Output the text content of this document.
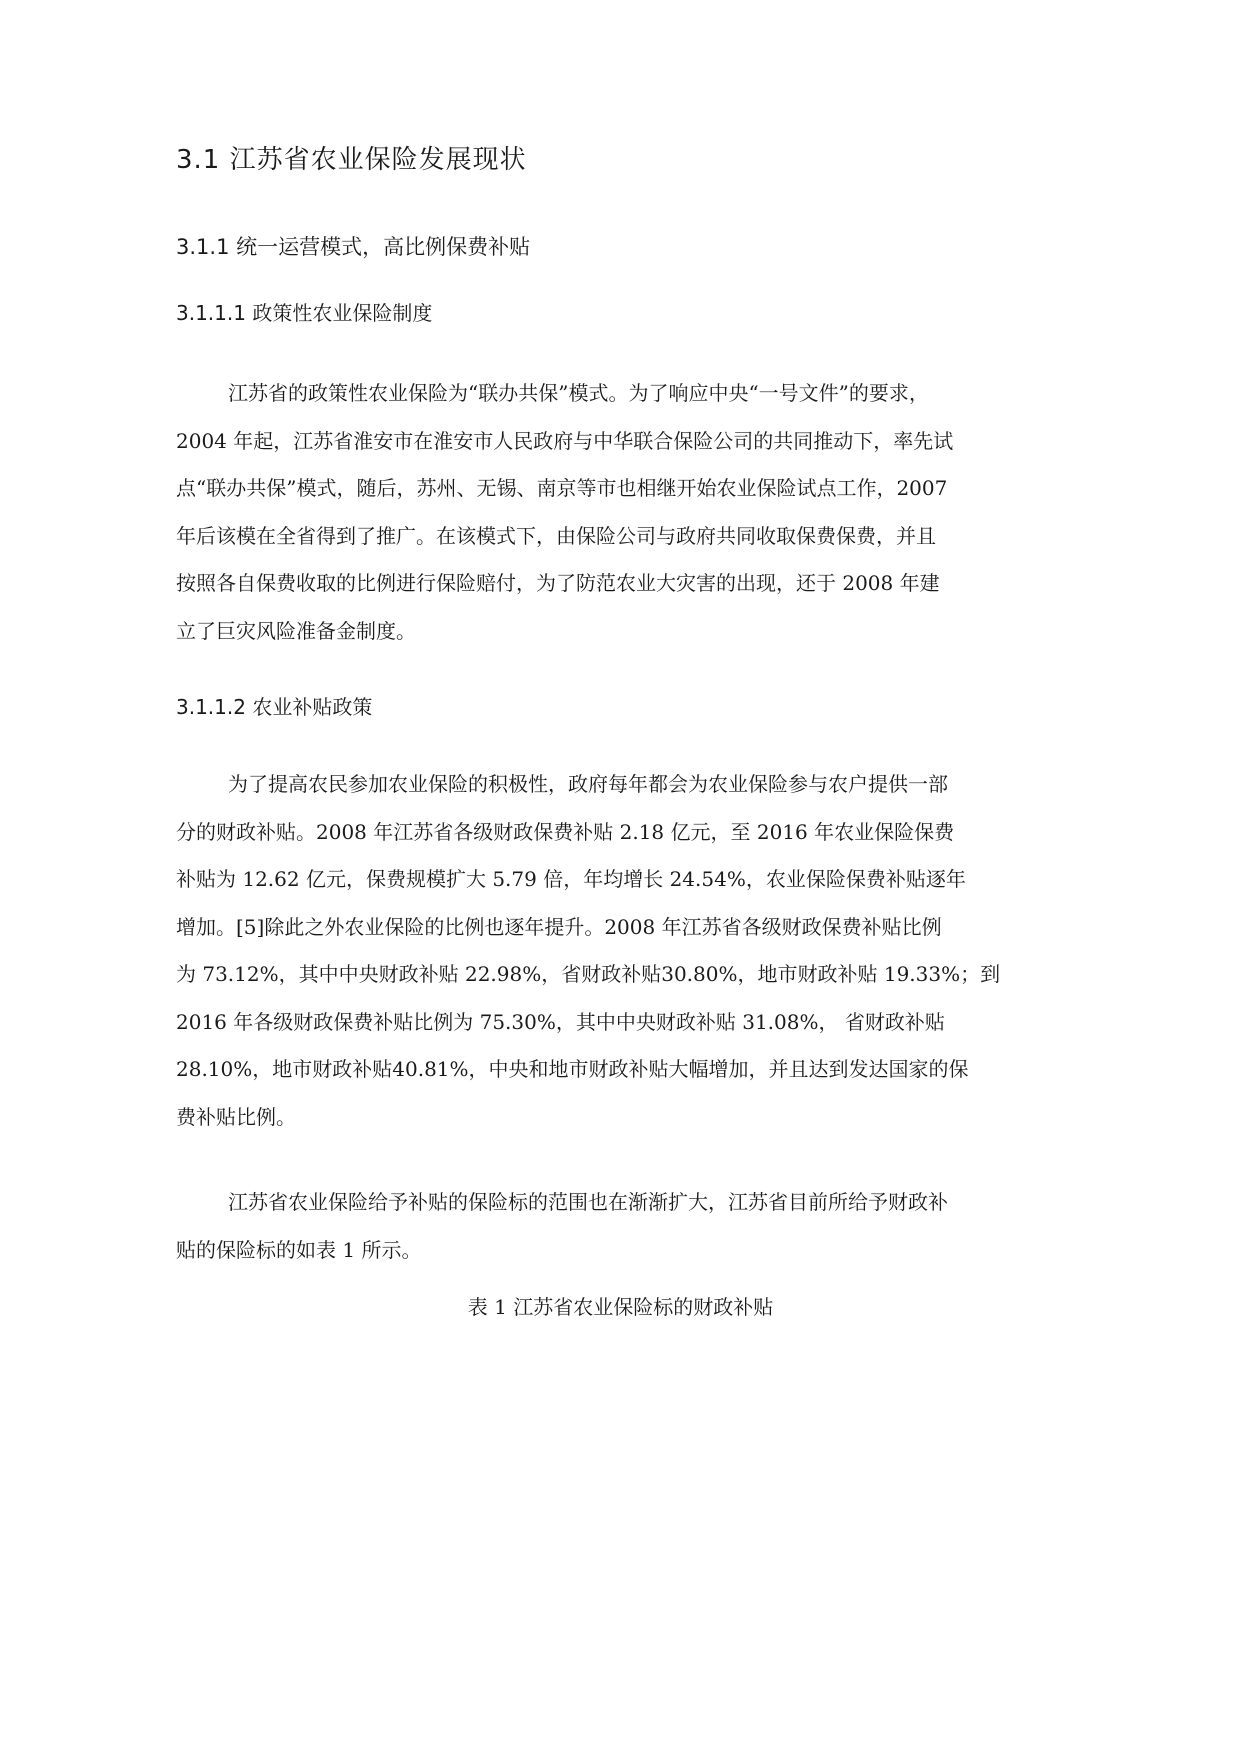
3.1 江苏省农业保险发展现状
3.1.1 统一运营模式，高比例保费补贴
3.1.1.1 政策性农业保险制度

江苏省的政策性农业保险为“联办共保”模式。为了响应中央“一号文件”的要求，
2004 年起，江苏省淮安市在淮安市人民政府与中华联合保险公司的共同推动下，率先试
点“联办共保”模式，随后，苏州、无锡、南京等市也相继开始农业保险试点工作，2007
年后该模在全省得到了推广。在该模式下，由保险公司与政府共同收取保费保费，并且
按照各自保费收取的比例进行保险赔付，为了防范农业大灾害的出现，还于 2008 年建
立了巨灾风险准备金制度。

3.1.1.2 农业补贴政策

为了提高农民参加农业保险的积极性，政府每年都会为农业保险参与农户提供一部
分的财政补贴。2008 年江苏省各级财政保费补贴 2.18 亿元，至 2016 年农业保险保费
补贴为 12.62 亿元，保费规模扩大 5.79 倍，年均增长 24.54%，农业保险保费补贴逐年
增加。[5]除此之外农业保险的比例也逐年提升。2008 年江苏省各级财政保费补贴比例
为 73.12%，其中中央财政补贴 22.98%，省财政补贴30.80%，地市财政补贴 19.33%；到
2016 年各级财政保费补贴比例为 75.30%，其中中央财政补贴 31.08%， 省财政补贴
28.10%，地市财政补贴40.81%，中央和地市财政补贴大幅增加，并且达到发达国家的保
费补贴比例。

江苏省农业保险给予补贴的保险标的范围也在渐渐扩大，江苏省目前所给予财政补
贴的保险标的如表 1 所示。

表 1 江苏省农业保险标的财政补贴
